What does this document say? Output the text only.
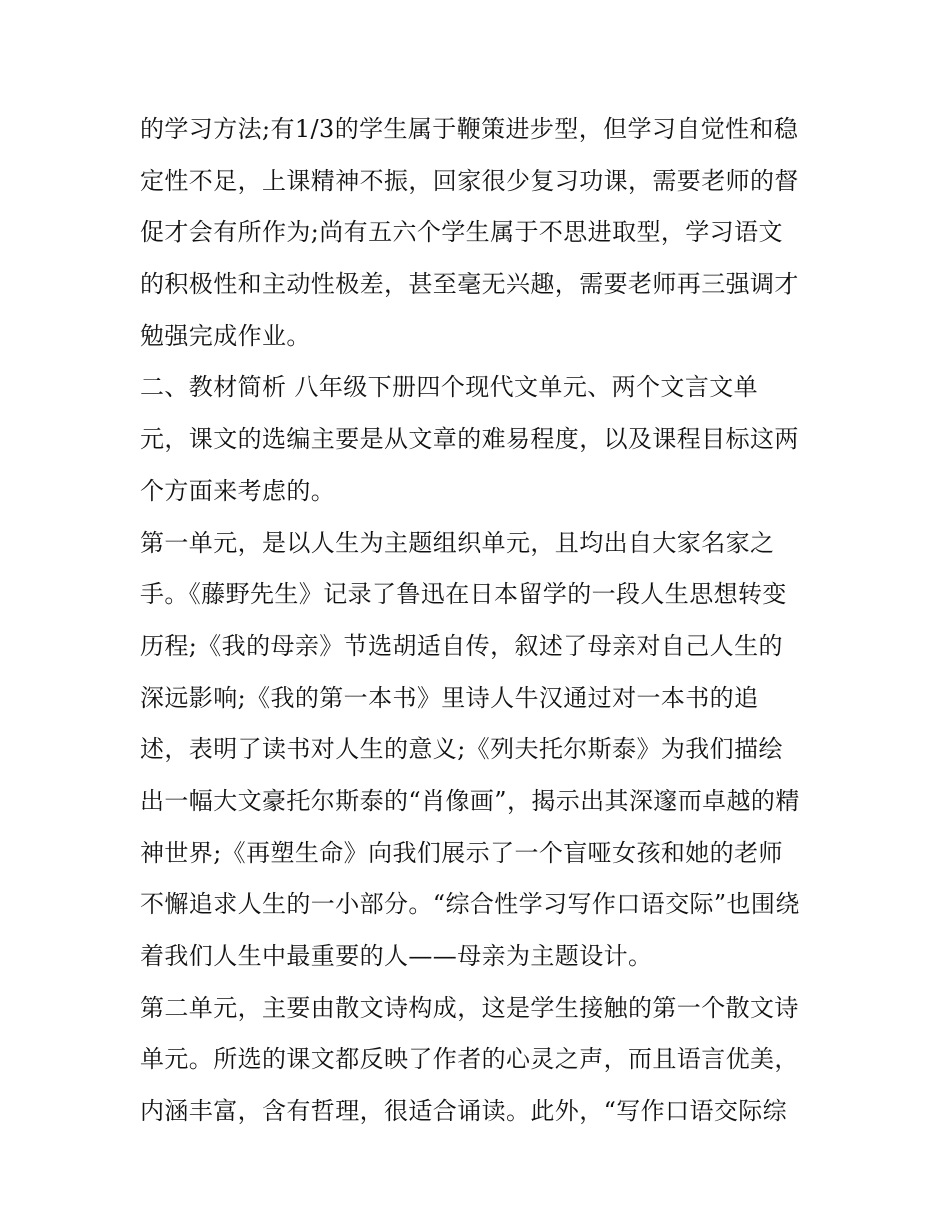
的学习方法;有1/3的学生属于鞭策进步型，但学习自觉性和稳
定性不足，上课精神不振，回家很少复习功课，需要老师的督
促才会有所作为;尚有五六个学生属于不思进取型，学习语文
的积极性和主动性极差，甚至毫无兴趣，需要老师再三强调才
勉强完成作业。
二、教材简析 八年级下册四个现代文单元、两个文言文单
元，课文的选编主要是从文章的难易程度，以及课程目标这两
个方面来考虑的。
第一单元，是以人生为主题组织单元，且均出自大家名家之
手。《藤野先生》记录了鲁迅在日本留学的一段人生思想转变
历程;《我的母亲》节选胡适自传，叙述了母亲对自己人生的
深远影响;《我的第一本书》里诗人牛汉通过对一本书的追
述，表明了读书对人生的意义;《列夫托尔斯泰》为我们描绘
出一幅大文豪托尔斯泰的“肖像画”，揭示出其深邃而卓越的精
神世界;《再塑生命》向我们展示了一个盲哑女孩和她的老师
不懈追求人生的一小部分。“综合性学习写作口语交际”也围绕
着我们人生中最重要的人——母亲为主题设计。
第二单元，主要由散文诗构成，这是学生接触的第一个散文诗
单元。所选的课文都反映了作者的心灵之声，而且语言优美，
内涵丰富，含有哲理，很适合诵读。此外，“写作口语交际综
